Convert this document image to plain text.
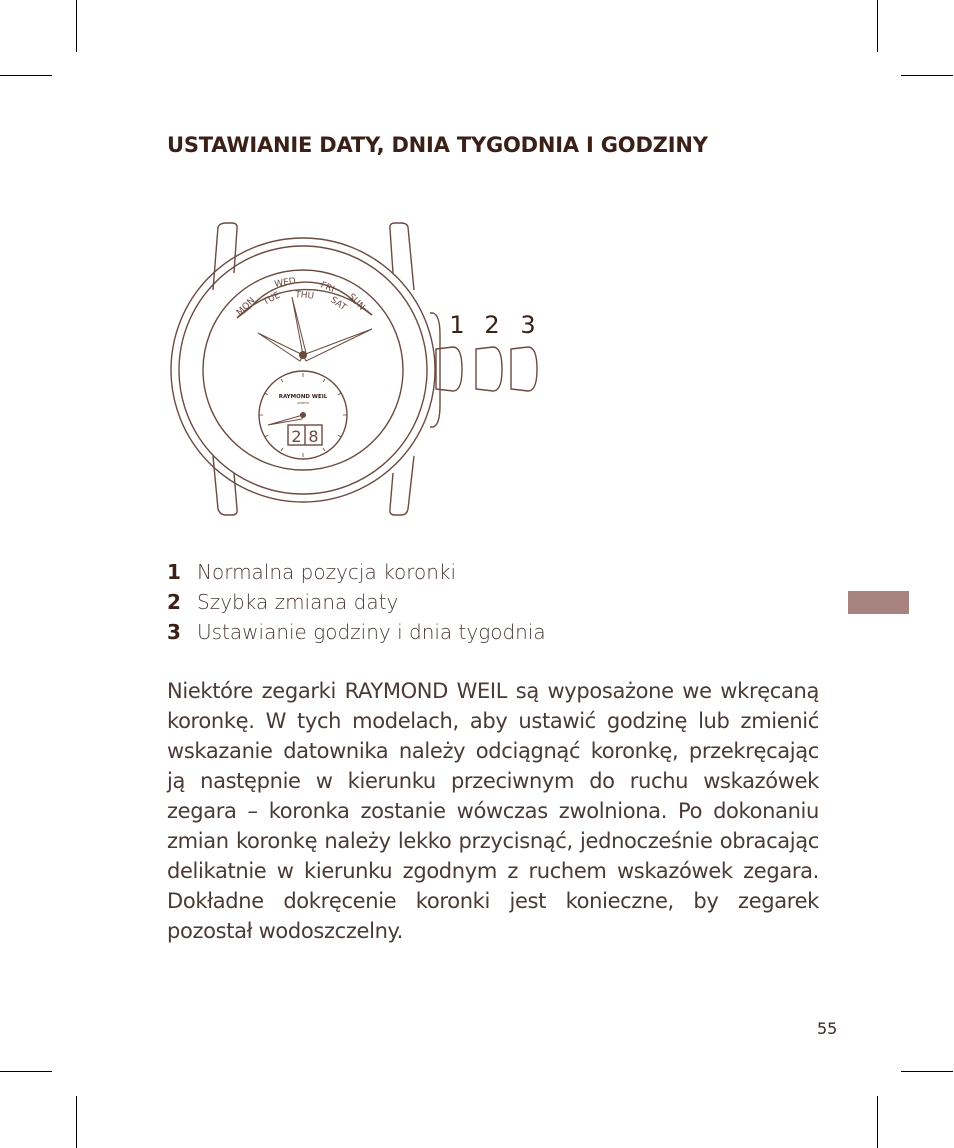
USTAWIANIE DATY, DNIA TYGODNIA I GODZINY
MON TUE
WED
THU
FRI
SAT
SUN
RAYMOND WEIL
GENEVE
2 8
1 2 3
1 Normalna pozycja koronki
2 Szybka zmiana daty
3 Ustawianie godziny i dnia tygodnia
Niektóre zegarki RAYMOND WEIL są wyposażone we wkręcaną koronkę. W tych modelach, aby ustawić godzinę lub zmienić wskazanie datownika należy odciągnąć koronkę, przekręcając ją następnie w kierunku przeciwnym do ruchu wskazówek zegara – koronka zostanie wówczas zwolniona. Po dokonaniu zmian koronkę należy lekko przycisnąć, jednocześnie obracając delikatnie w kierunku zgodnym z ruchem wskazówek zegara. Dokładne dokręcenie koronki jest konieczne, by zegarek pozostał wodoszczelny.
55
